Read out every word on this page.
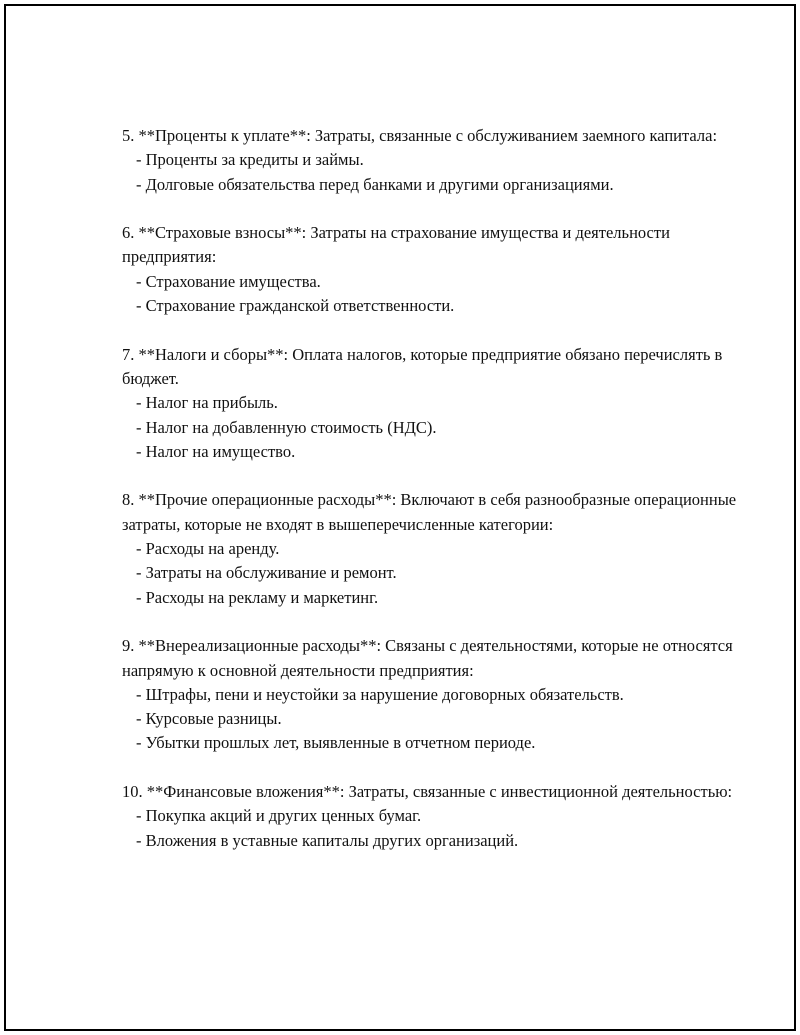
5. **Проценты к уплате**: Затраты, связанные с обслуживанием заемного капитала:

- Проценты за кредиты и займы.

- Долговые обязательства перед банками и другими организациями.

6. **Страховые взносы**: Затраты на страхование имущества и деятельности предприятия:

- Страхование имущества.

- Страхование гражданской ответственности.

7. **Налоги и сборы**: Оплата налогов, которые предприятие обязано перечислять в бюджет.

- Налог на прибыль.

- Налог на добавленную стоимость (НДС).

- Налог на имущество.

8. **Прочие операционные расходы**: Включают в себя разнообразные операционные затраты, которые не входят в вышеперечисленные категории:

- Расходы на аренду.

- Затраты на обслуживание и ремонт.

- Расходы на рекламу и маркетинг.

9. **Внереализационные расходы**: Связаны с деятельностями, которые не относятся напрямую к основной деятельности предприятия:

- Штрафы, пени и неустойки за нарушение договорных обязательств.

- Курсовые разницы.

- Убытки прошлых лет, выявленные в отчетном периоде.

10. **Финансовые вложения**: Затраты, связанные с инвестиционной деятельностью:

- Покупка акций и других ценных бумаг.

- Вложения в уставные капиталы других организаций.
